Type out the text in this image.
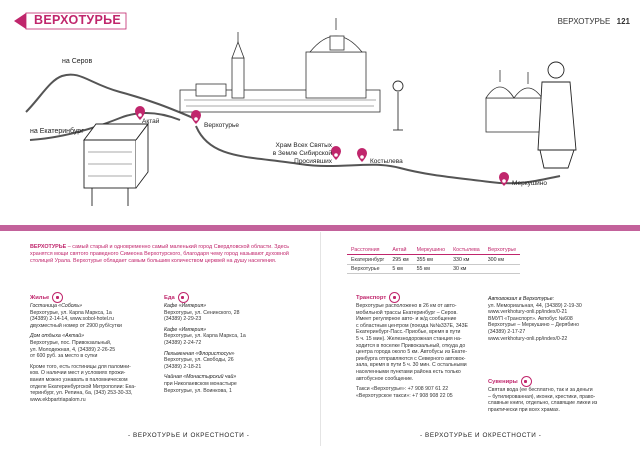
ВЕРХОТУРЬЕ	ВЕРХОТУРЬЕ 121
на Серов
на Екатеринбург
Актай
Верхотурье
Храм Всех Святых
в Земле Сибирской
Просиявших	Костылева
Меркушино
ВЕРХОТУРЬЕ – самый старый и одновременно самый маленький город Свердловской области. Здесь хранятся мощи святого праведного Симеона Верхотурского, благодаря чему город называют духовной столицей Урала. Верхотурье обладает самым большим количеством церквей на душу населения.
Расстояния	Актай	Меркушино	Костылева	Верхотурье
Екатеринбург	295 км	355 км	330 км	300 км
Верхотурье	5 км	55 км	30 км	
Жилье
Гостиница «Соболь»
Верхотурье, ул. Карла Маркса, 1а
(34389) 2-14-14, www.sobol-hotel.ru
двухместный номер от 2900 руб/сутки
Дом отдыха «Актай»
Верхотурье, пос. Привокзальный,
ул. Молодежная, 4, (34389) 2-26-25
от 600 руб. за место в сутки
Кроме того, есть гостиницы для паломни-
ков. О наличии мест и условиях прожи-
вания можно узнавать в паломническом
отделе Екатеринбургской Митрополии: Ека-
теринбург, ул. Репина, 6а, (343) 253-30-33,
www.ekbpartriapalom.ru
Еда
Кафе «Империя»
Верхотурье, ул. Сенинского, 28
(34389) 2-29-23
Кафе «Империя»
Верхотурье, ул. Карла Маркса, 1а
(34389) 2-24-72
Пельменная «Флористосун»
Верхотурье, ул. Свободы, 26
(34389) 2-18-21
Чайная «Монастырский чай»
при Николаевском монастыре
Верхотурье, ул. Воинкова, 1
Транспорт
Верхотурье расположено в 26 км от авто-
мобильной трассы Екатеринбург – Серов.
Имеет регулярное авто- и ж/д сообщение
с областным центром (поезда №№337Е, 343Е
Екатеринбург-Пасс.-Приобье, время в пути
5 ч. 15 мин). Железнодорожная станция на-
ходится в поселке Привокзальный, откуда до
центра города около 5 км. Автобусы из Екате-
ринбурга отправляются с Северного автовок-
зала, время в пути 5 ч. 30 мин. С остальными
населенными пунктами района есть только
автобусное сообщение.
Такси «Верхотурье»: +7 908 907 61 22
«Верхотурское такси»: +7 908 908 22 05
Автовокзал в Верхотурье:
ул. Мемориальная, 44, (34389) 2-19-30
www.verkhotury-onli.pp/index/0-21
ВМУП «Транспорт». Автобус №608
Верхотурье – Меркушино – Дерябино
(34389) 2-17-27
www.verkhotury-onli.pp/index/0-22
Сувениры
Святая вода (ее бесплатно, так и за деньги
– бутилированная), иконки, крестики, право-
славные книги, отдельно, славящие ликеи из
практически при всех храмах.
- ВЕРХОТУРЬЕ И ОКРЕСТНОСТИ -	- ВЕРХОТУРЬЕ И ОКРЕСТНОСТИ -
